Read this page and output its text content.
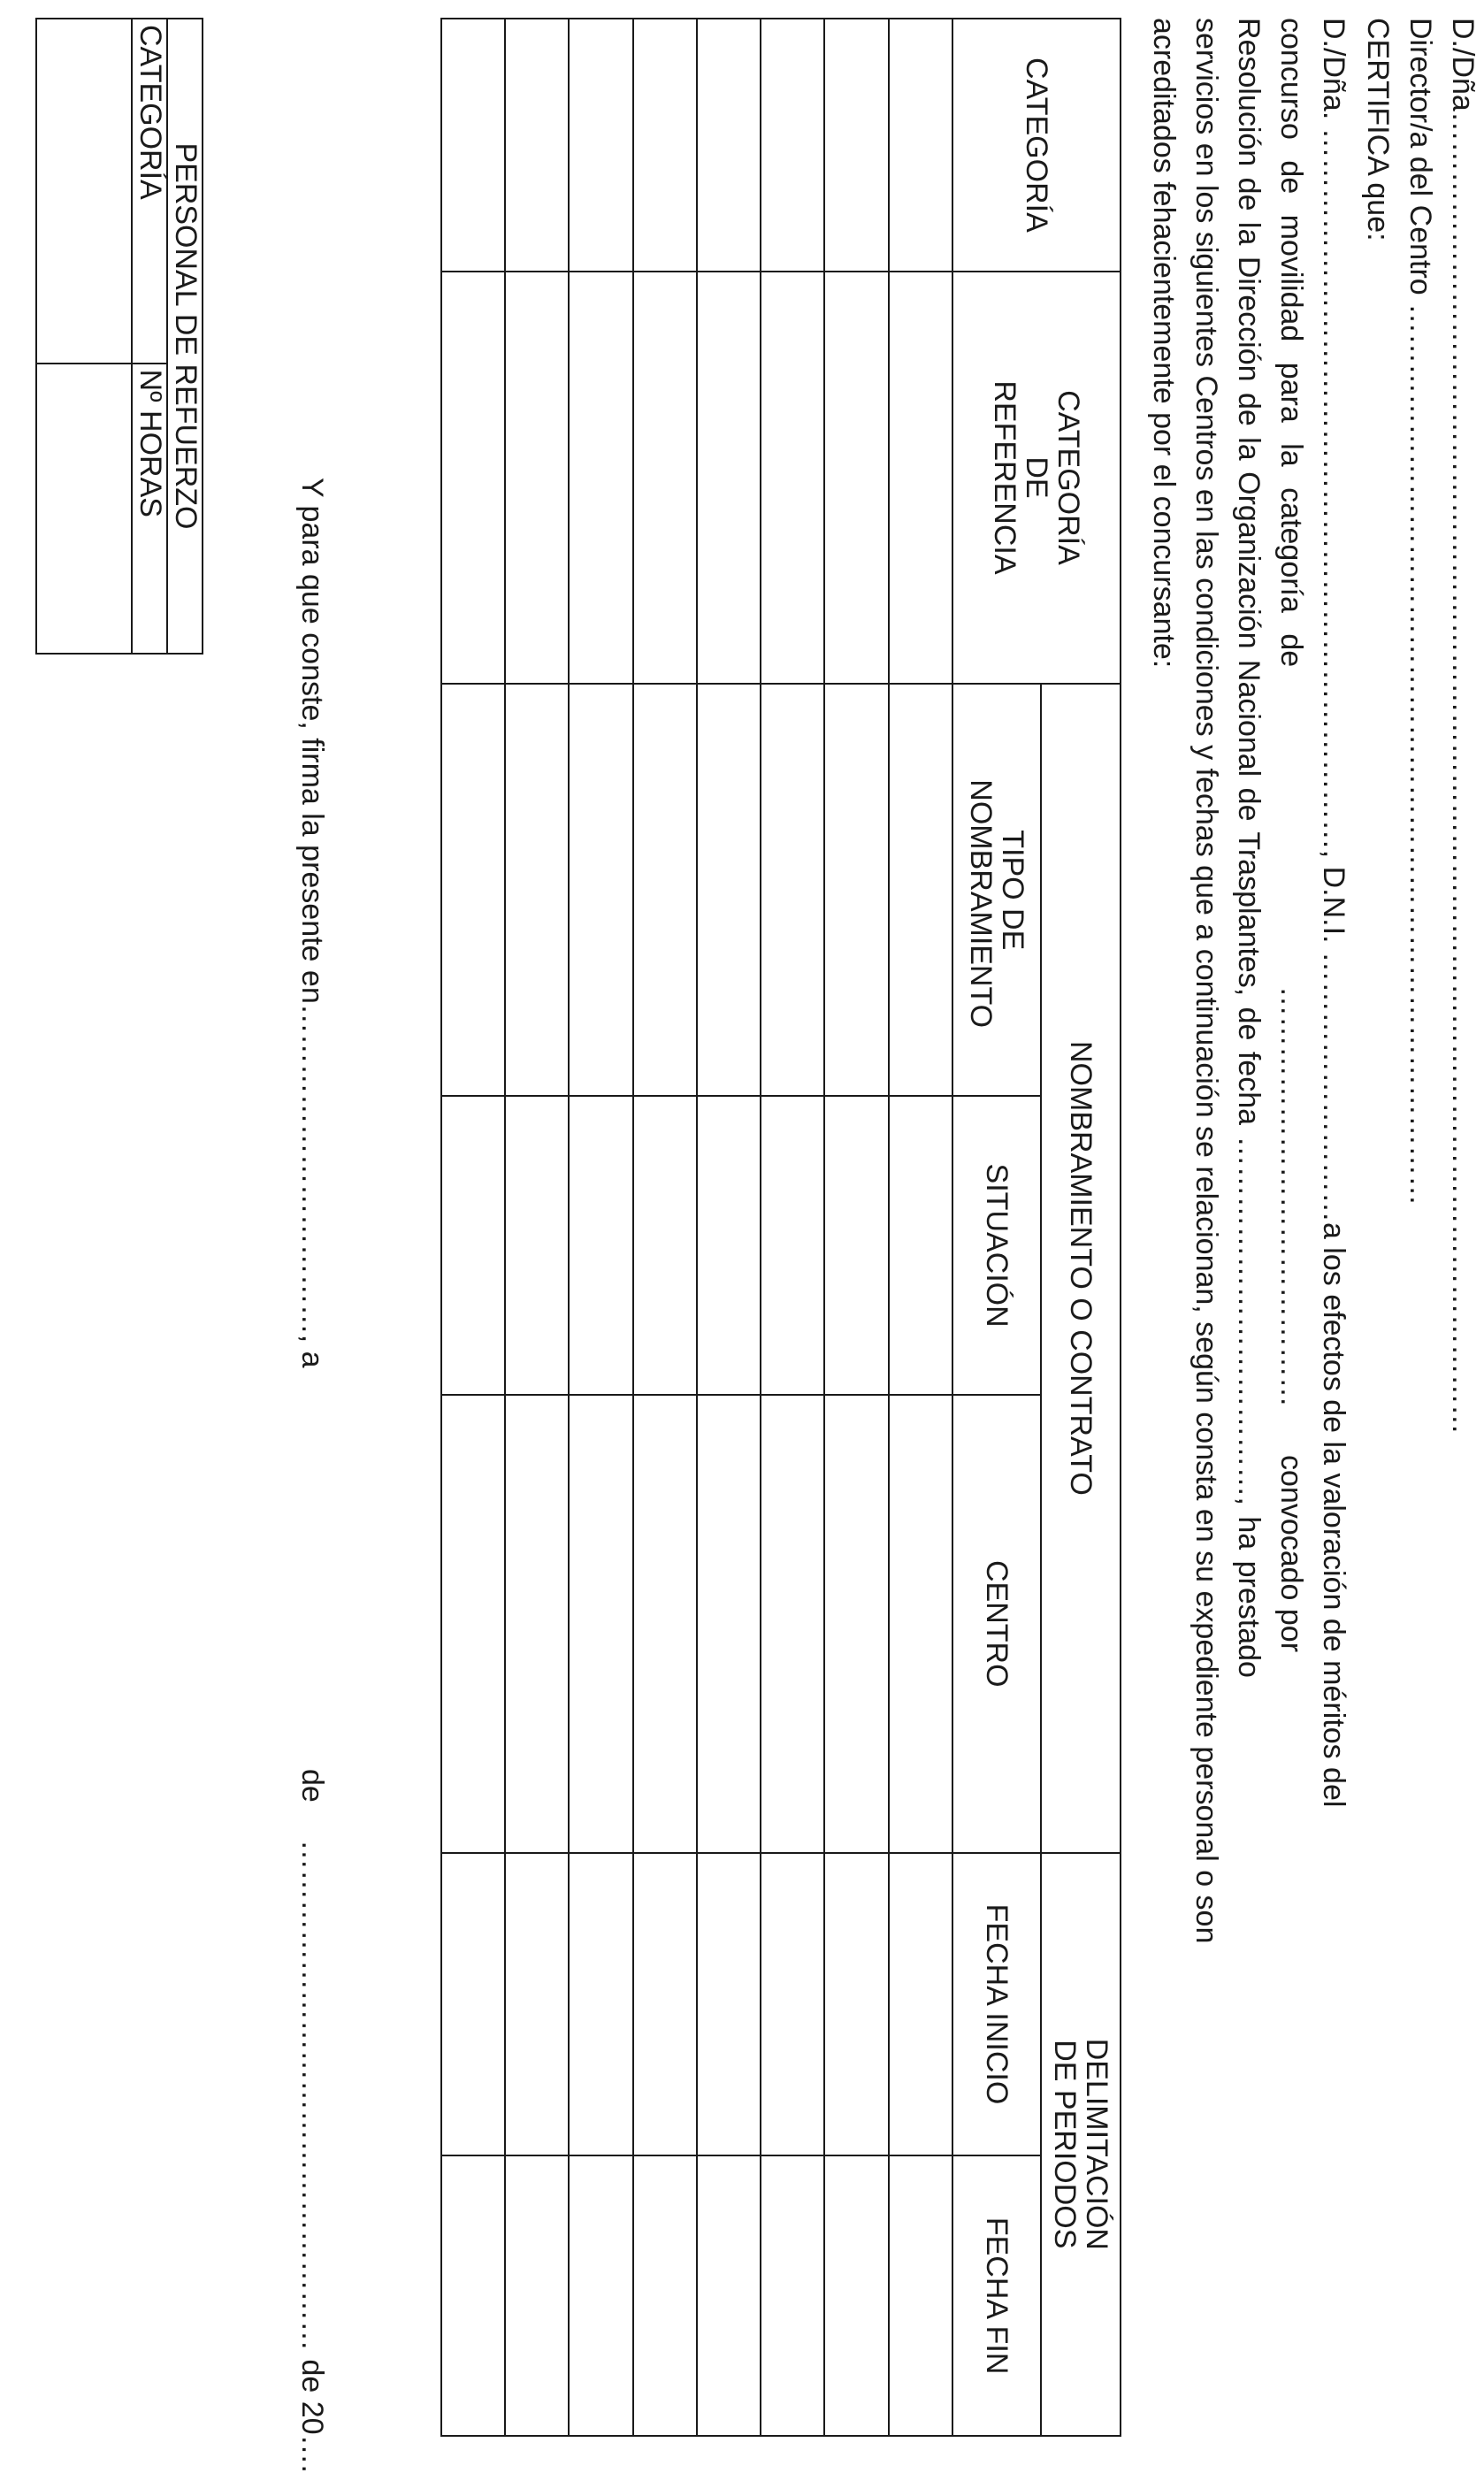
D./Dña……………………………………………………………………………………………………………………
Director/a del Centro ………………………………………………………………………………
CERTIFICA que:
D./Dña. ………………………………………………………………, D.N.I. ………………………a los efectos de la valoración de méritos del
concurso de movilidad para la categoría de
……………………………………
convocado por
Resolución de la Dirección de la Organización Nacional de Trasplantes, de fecha ………………………………, ha prestado
servicios en los siguientes Centros en las condiciones y fechas que a continuación se relacionan, según consta en su expediente personal o son
acreditados fehacientemente por el concursante:
CATEGORÍA	CATEGORÍA DE REFERENCIA	NOMBRAMIENTO O CONTRATO			DELIMITACIÓN DE PERIODOS	

		TIPO DE NOMBRAMIENTO	SITUACIÓN	CENTRO	FECHA INICIO	FECHA FIN

Y para que conste, firma la presente en……………………………, a
de
…………………………………………… de 20….
PERSONAL DE REFUERZO	
CATEGORÍA	Nº HORAS
